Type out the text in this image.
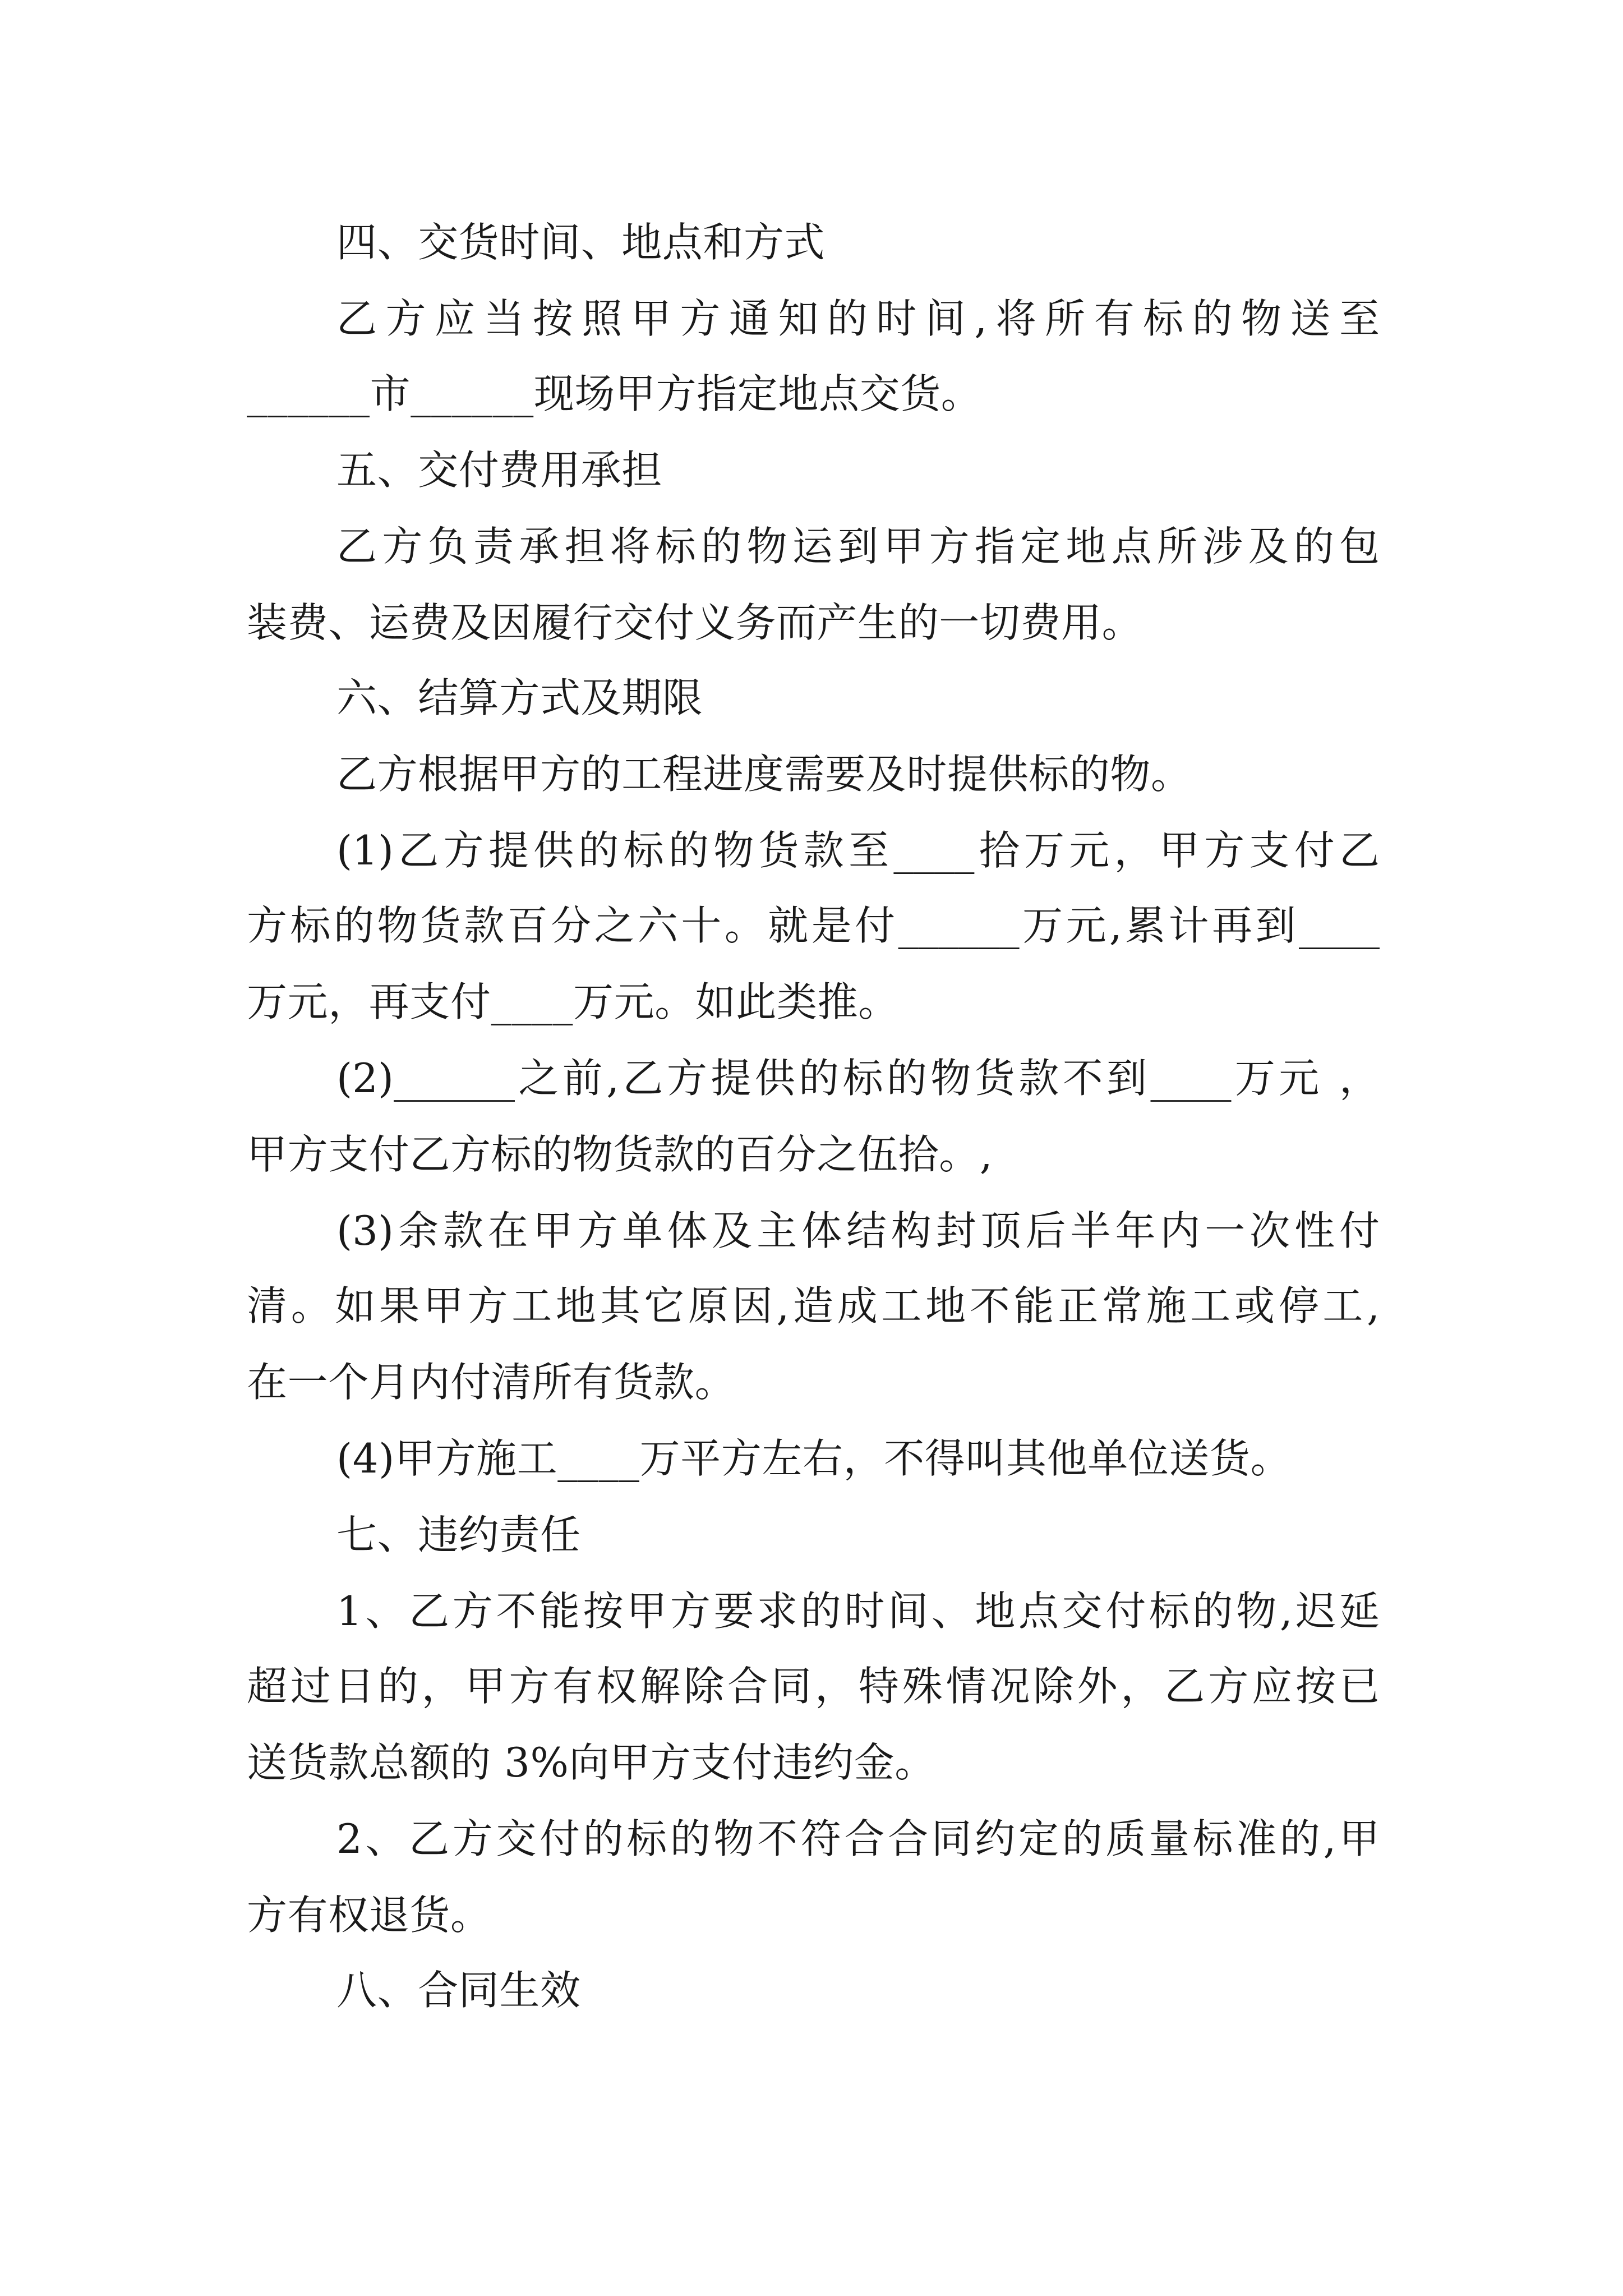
四、交货时间、地点和方式
乙方应当按照甲方通知的时间,将所有标的物送至
______市______现场甲方指定地点交货。
五、交付费用承担
乙方负责承担将标的物运到甲方指定地点所涉及的包
装费、运费及因履行交付义务而产生的一切费用。
六、结算方式及期限
乙方根据甲方的工程进度需要及时提供标的物。
(1)乙方提供的标的物货款至____拾万元，甲方支付乙
方标的物货款百分之六十。就是付______万元,累计再到____
万元，再支付____万元。如此类推。
(2)______之前,乙方提供的标的物货款不到____万元 ，
甲方支付乙方标的物货款的百分之伍拾。,
(3)余款在甲方单体及主体结构封顶后半年内一次性付
清。如果甲方工地其它原因,造成工地不能正常施工或停工,
在一个月内付清所有货款。
(4)甲方施工____万平方左右，不得叫其他单位送货。
七、违约责任
1、乙方不能按甲方要求的时间、地点交付标的物,迟延
超过日的，甲方有权解除合同，特殊情况除外，乙方应按已
送货款总额的 3%向甲方支付违约金。
2、乙方交付的标的物不符合合同约定的质量标准的,甲
方有权退货。
八、合同生效
